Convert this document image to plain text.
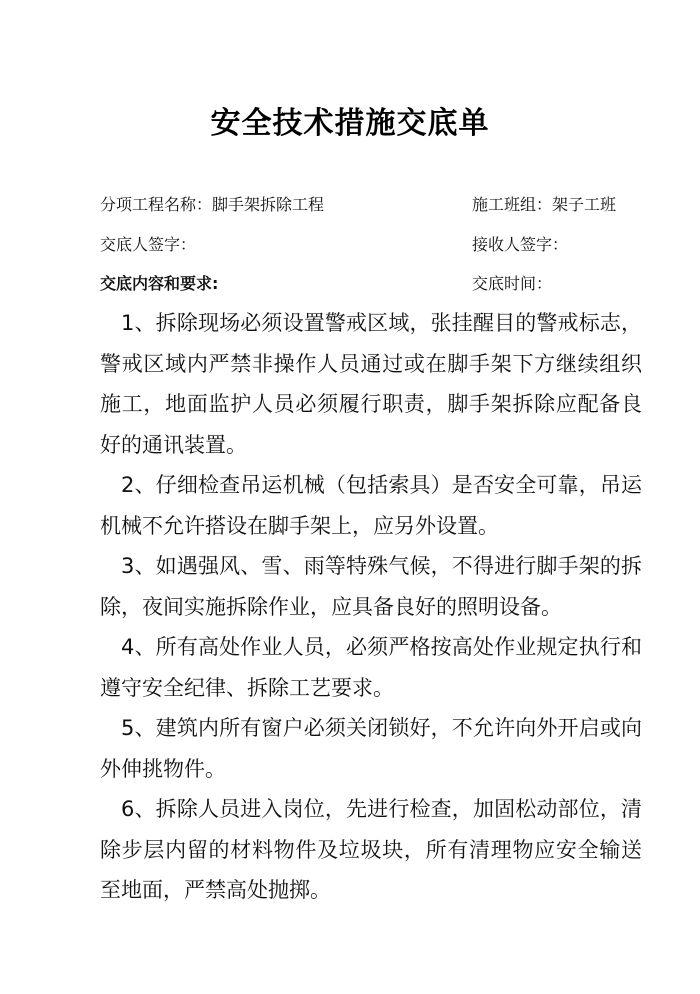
安全技术措施交底单
分项工程名称：脚手架拆除工程	施工班组：架子工班
交底人签字：	接收人签字：
交底内容和要求:	交底时间：

1、拆除现场必须设置警戒区域，张挂醒目的警戒标志，警戒区域内严禁非操作人员通过或在脚手架下方继续组织施工，地面监护人员必须履行职责，脚手架拆除应配备良好的通讯装置。

2、仔细检查吊运机械（包括索具）是否安全可靠，吊运机械不允许搭设在脚手架上，应另外设置。

3、如遇强风、雪、雨等特殊气候，不得进行脚手架的拆除，夜间实施拆除作业，应具备良好的照明设备。

4、所有高处作业人员，必须严格按高处作业规定执行和遵守安全纪律、拆除工艺要求。

5、建筑内所有窗户必须关闭锁好，不允许向外开启或向外伸挑物件。

6、拆除人员进入岗位，先进行检查，加固松动部位，清除步层内留的材料物件及垃圾块，所有清理物应安全输送至地面，严禁高处抛掷。
